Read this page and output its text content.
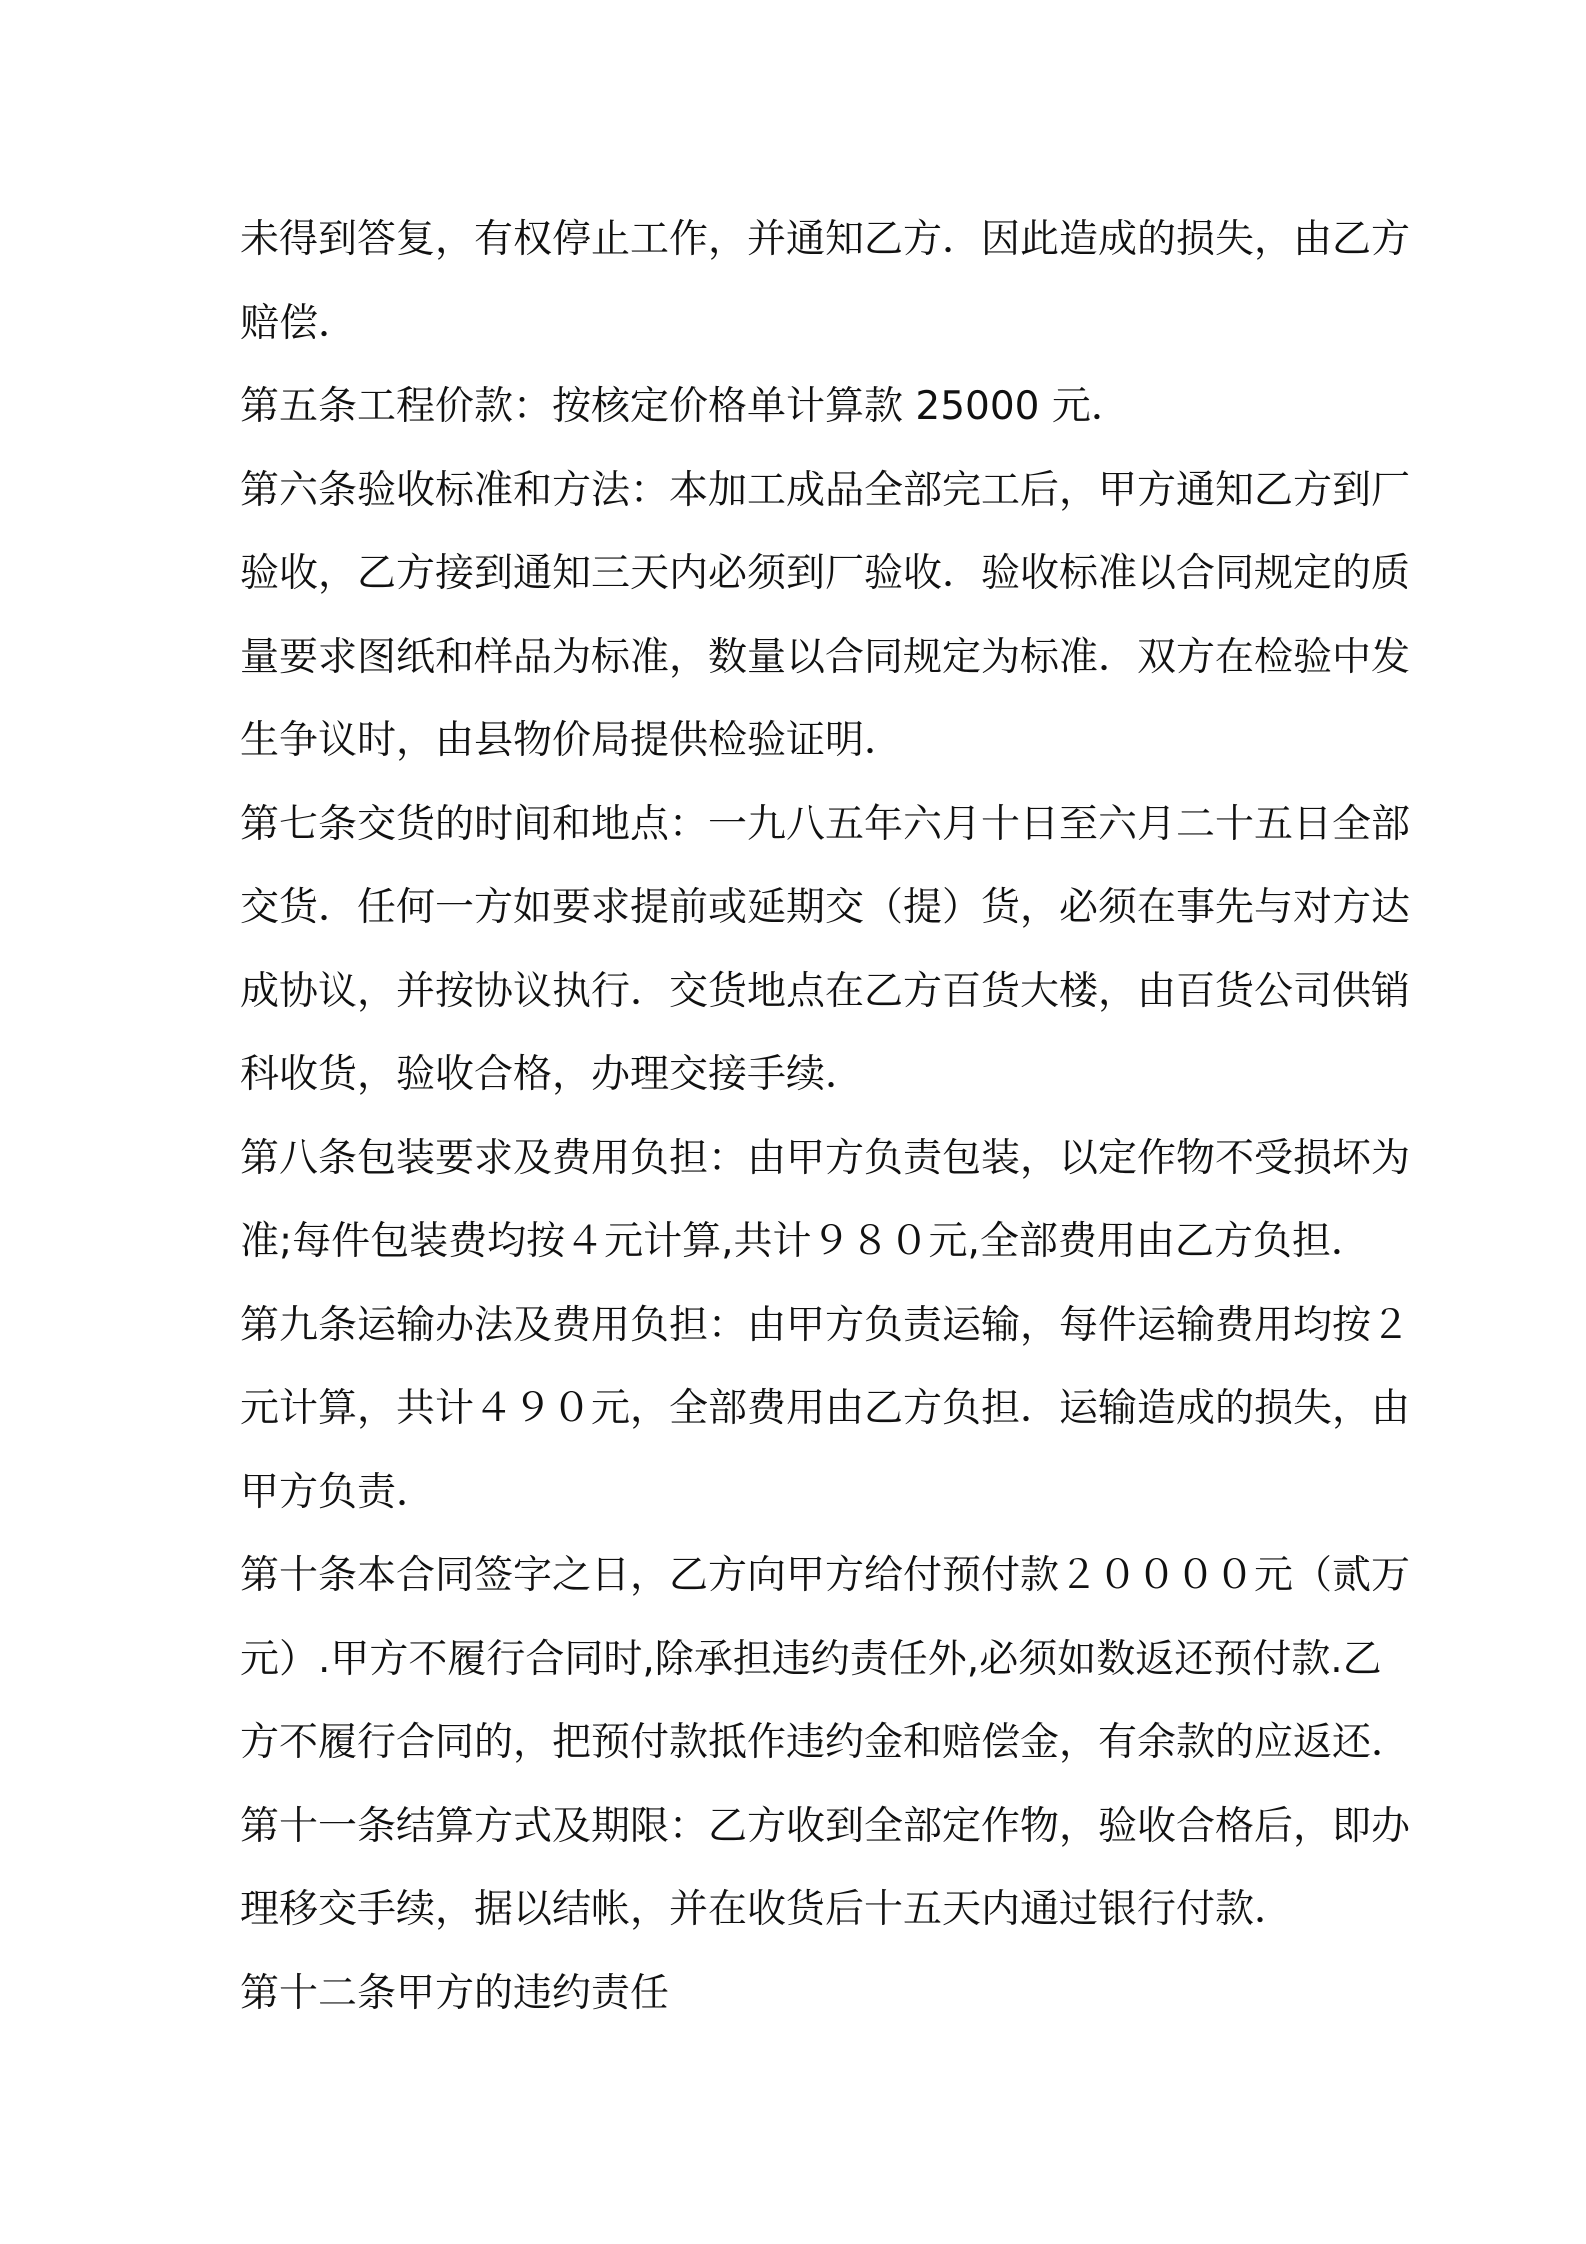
未得到答复，有权停止工作，并通知乙方．因此造成的损失，由乙方
赔偿．
第五条工程价款：按核定价格单计算款 25000 元．
第六条验收标准和方法：本加工成品全部完工后，甲方通知乙方到厂
验收，乙方接到通知三天内必须到厂验收．验收标准以合同规定的质
量要求图纸和样品为标准，数量以合同规定为标准．双方在检验中发
生争议时，由县物价局提供检验证明．
第七条交货的时间和地点：一九八五年六月十日至六月二十五日全部
交货．任何一方如要求提前或延期交（提）货，必须在事先与对方达
成协议，并按协议执行．交货地点在乙方百货大楼，由百货公司供销
科收货，验收合格，办理交接手续．
第八条包装要求及费用负担：由甲方负责包装，以定作物不受损坏为
准;每件包装费均按４元计算,共计９８０元,全部费用由乙方负担．
第九条运输办法及费用负担：由甲方负责运输，每件运输费用均按２
元计算，共计４９０元，全部费用由乙方负担．运输造成的损失，由
甲方负责．
第十条本合同签字之日，乙方向甲方给付预付款２００００元（贰万
元）.甲方不履行合同时,除承担违约责任外,必须如数返还预付款.乙
方不履行合同的，把预付款抵作违约金和赔偿金，有余款的应返还．
第十一条结算方式及期限：乙方收到全部定作物，验收合格后，即办
理移交手续，据以结帐，并在收货后十五天内通过银行付款．
第十二条甲方的违约责任
